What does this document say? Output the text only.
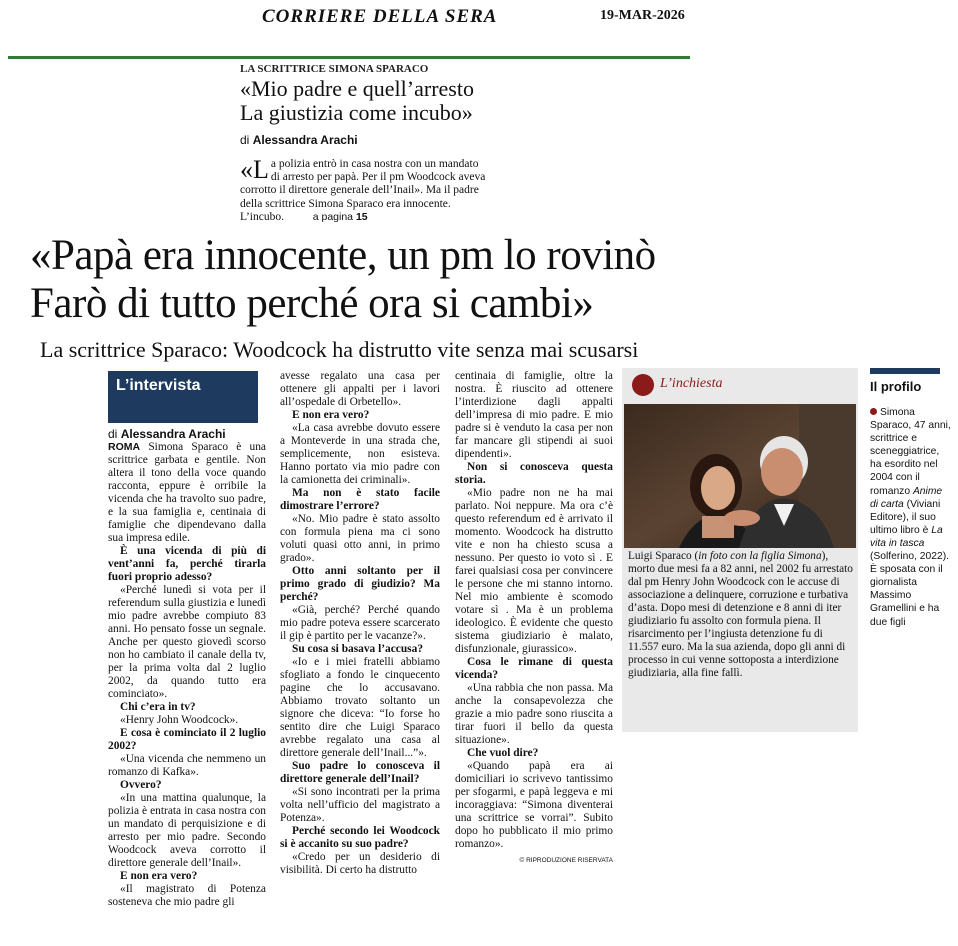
CORRIERE DELLA SERA	19-MAR-2026
LA SCRITTRICE SIMONA SPARACO
«Mio padre e quell’arresto
La giustizia come incubo»
di Alessandra Arachi
«La polizia entrò in casa nostra con un mandato di arresto per papà. Per il pm Woodcock aveva corrotto il direttore generale dell’Inail». Ma il padre della scrittrice Simona Sparaco era innocente. L’incubo.	a pagina 15
«Papà era innocente, un pm lo rovinò
Farò di tutto perché ora si cambi»
La scrittrice Sparaco: Woodcock ha distrutto vite senza mai scusarsi
L’intervista

di Alessandra Arachi

ROMA Simona Sparaco è una scrittrice garbata e gentile. Non altera il tono della voce quando racconta, eppure è orribile la vicenda che ha travolto suo padre, e la sua famiglia e, centinaia di famiglie che dipendevano dalla sua impresa edile.

È una vicenda di più di vent’anni fa, perché tirarla fuori proprio adesso?

«Perché lunedì si vota per il referendum sulla giustizia e lunedì mio padre avrebbe compiuto 83 anni. Ho pensato fosse un segnale. Anche per questo giovedì scorso non ho cambiato il canale della tv, per la prima volta dal 2 luglio 2002, da quando tutto era cominciato».

Chi c’era in tv?

«Henry John Woodcock».

E cosa è cominciato il 2 luglio 2002?

«Una vicenda che nemmeno un romanzo di Kafka».

Ovvero?

«In una mattina qualunque, la polizia è entrata in casa nostra con un mandato di perquisizione e di arresto per mio padre. Secondo Woodcock aveva corrotto il direttore generale dell’Inail».

E non era vero?

«Il magistrato di Potenza sosteneva che mio padre gli

avesse regalato una casa per ottenere gli appalti per i lavori all’ospedale di Orbetello».

E non era vero?

«La casa avrebbe dovuto essere a Monteverde in una strada che, semplicemente, non esisteva. Hanno portato via mio padre con la camionetta dei criminali».

Ma non è stato facile dimostrare l’errore?

«No. Mio padre è stato assolto con formula piena ma ci sono voluti quasi otto anni, in primo grado».

Otto anni soltanto per il primo grado di giudizio? Ma perché?

«Già, perché? Perché quando mio padre poteva essere scarcerato il gip è partito per le vacanze?».

Su cosa si basava l’accusa?

«Io e i miei fratelli abbiamo sfogliato a fondo le cinquecento pagine che lo accusavano. Abbiamo trovato soltanto un signore che diceva: “Io forse ho sentito dire che Luigi Sparaco avrebbe regalato una casa al direttore generale dell’Inail...”».

Suo padre lo conosceva il direttore generale dell’Inail?

«Si sono incontrati per la prima volta nell’ufficio del magistrato a Potenza».

Perché secondo lei Woodcock si è accanito su suo padre?

«Credo per un desiderio di visibilità. Di certo ha distrutto

centinaia di famiglie, oltre la nostra. È riuscito ad ottenere l’interdizione dagli appalti dell’impresa di mio padre. E mio padre si è venduto la casa per non far mancare gli stipendi ai suoi dipendenti».

Non si conosceva questa storia.

«Mio padre non ne ha mai parlato. Noi neppure. Ma ora c’è questo referendum ed è arrivato il momento. Woodcock ha distrutto vite e non ha chiesto scusa a nessuno. Per questo io voto sì . E farei qualsiasi cosa per convincere le persone che mi stanno intorno. Nel mio ambiente è scomodo votare sì . Ma è un problema ideologico. È evidente che questo sistema giudiziario è malato, disfunzionale, giurassico».

Cosa le rimane di questa vicenda?

«Una rabbia che non passa. Ma anche la consapevolezza che grazie a mio padre sono riuscita a tirar fuori il bello da questa situazione».

Che vuol dire?

«Quando papà era ai domiciliari io scrivevo tantissimo per sfogarmi, e papà leggeva e mi incoraggiava: “Simona diventerai una scrittrice se vorrai”. Subito dopo ho pubblicato il mio primo romanzo».

© RIPRODUZIONE RISERVATA

L’inchiesta
Luigi Sparaco (in foto con la figlia Simona), morto due mesi fa a 82 anni, nel 2002 fu arrestato dal pm Henry John Woodcock con le accuse di associazione a delinquere, corruzione e turbativa d’asta. Dopo mesi di detenzione e 8 anni di iter giudiziario fu assolto con formula piena. Il risarcimento per l’ingiusta detenzione fu di 11.557 euro. Ma la sua azienda, dopo gli anni di processo in cui venne sottoposta a interdizione giudiziaria, alla fine fallì.
Il profilo
Simona Sparaco, 47 anni, scrittrice e sceneggiatrice, ha esordito nel 2004 con il romanzo Anime di carta (Viviani Editore), il suo ultimo libro è La vita in tasca (Solferino, 2022). È sposata con il giornalista Massimo Gramellini e ha due figli
